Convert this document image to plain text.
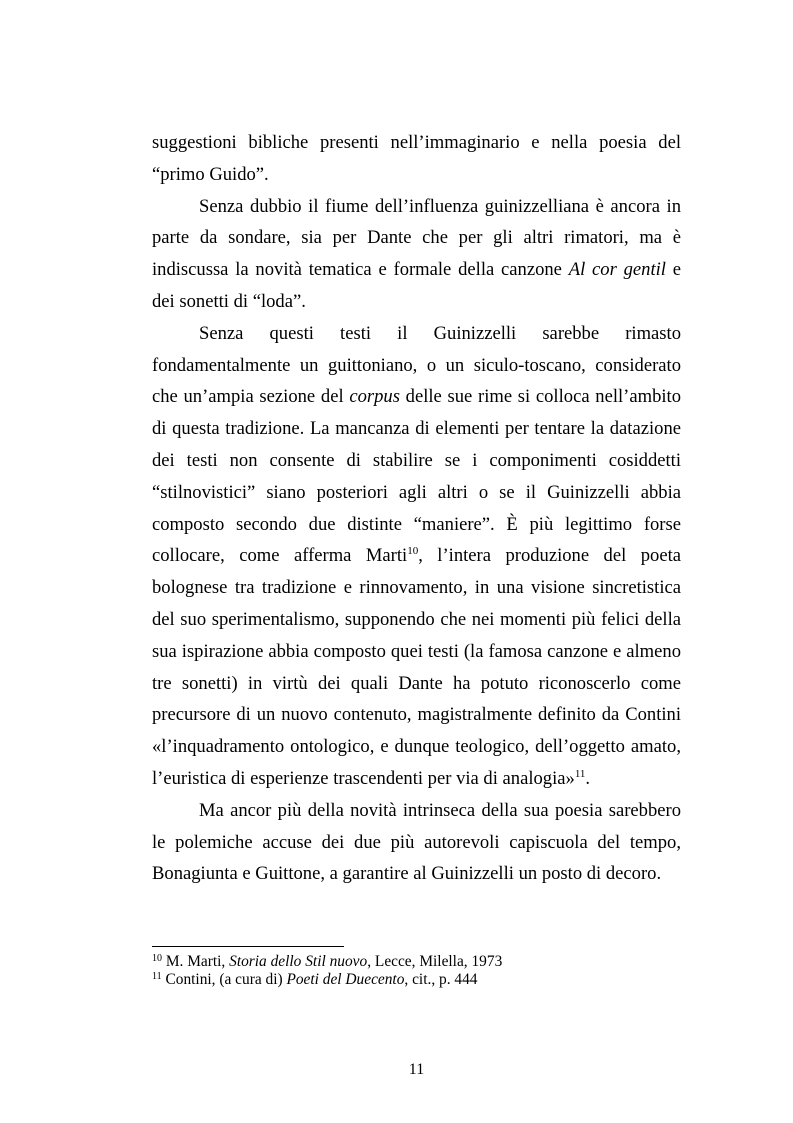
suggestioni bibliche presenti nell’immaginario e nella poesia del “primo Guido”.

Senza dubbio il fiume dell’influenza guinizzelliana è ancora in parte da sondare, sia per Dante che per gli altri rimatori, ma è indiscussa la novità tematica e formale della canzone Al cor gentil e dei sonetti di “loda”.

Senza questi testi il Guinizzelli sarebbe rimasto fondamentalmente un guittoniano, o un siculo-toscano, considerato che un’ampia sezione del corpus delle sue rime si colloca nell’ambito di questa tradizione. La mancanza di elementi per tentare la datazione dei testi non consente di stabilire se i componimenti cosiddetti “stilnovistici” siano posteriori agli altri o se il Guinizzelli abbia composto secondo due distinte “maniere”. È più legittimo forse collocare, come afferma Marti$^{10}$, l’intera produzione del poeta bolognese tra tradizione e rinnovamento, in una visione sincretistica del suo sperimentalismo, supponendo che nei momenti più felici della sua ispirazione abbia composto quei testi (la famosa canzone e almeno tre sonetti) in virtù dei quali Dante ha potuto riconoscerlo come precursore di un nuovo contenuto, magistralmente definito da Contini «l’inquadramento ontologico, e dunque teologico, dell’oggetto amato, l’euristica di esperienze trascendenti per via di analogia»$^{11}$.

Ma ancor più della novità intrinseca della sua poesia sarebbero le polemiche accuse dei due più autorevoli capiscuola del tempo, Bonagiunta e Guittone, a garantire al Guinizzelli un posto di decoro.

$^{10}$ M. Marti, Storia dello Stil nuovo, Lecce, Milella, 1973
$^{11}$ Contini, (a cura di) Poeti del Duecento, cit., p. 444
11
